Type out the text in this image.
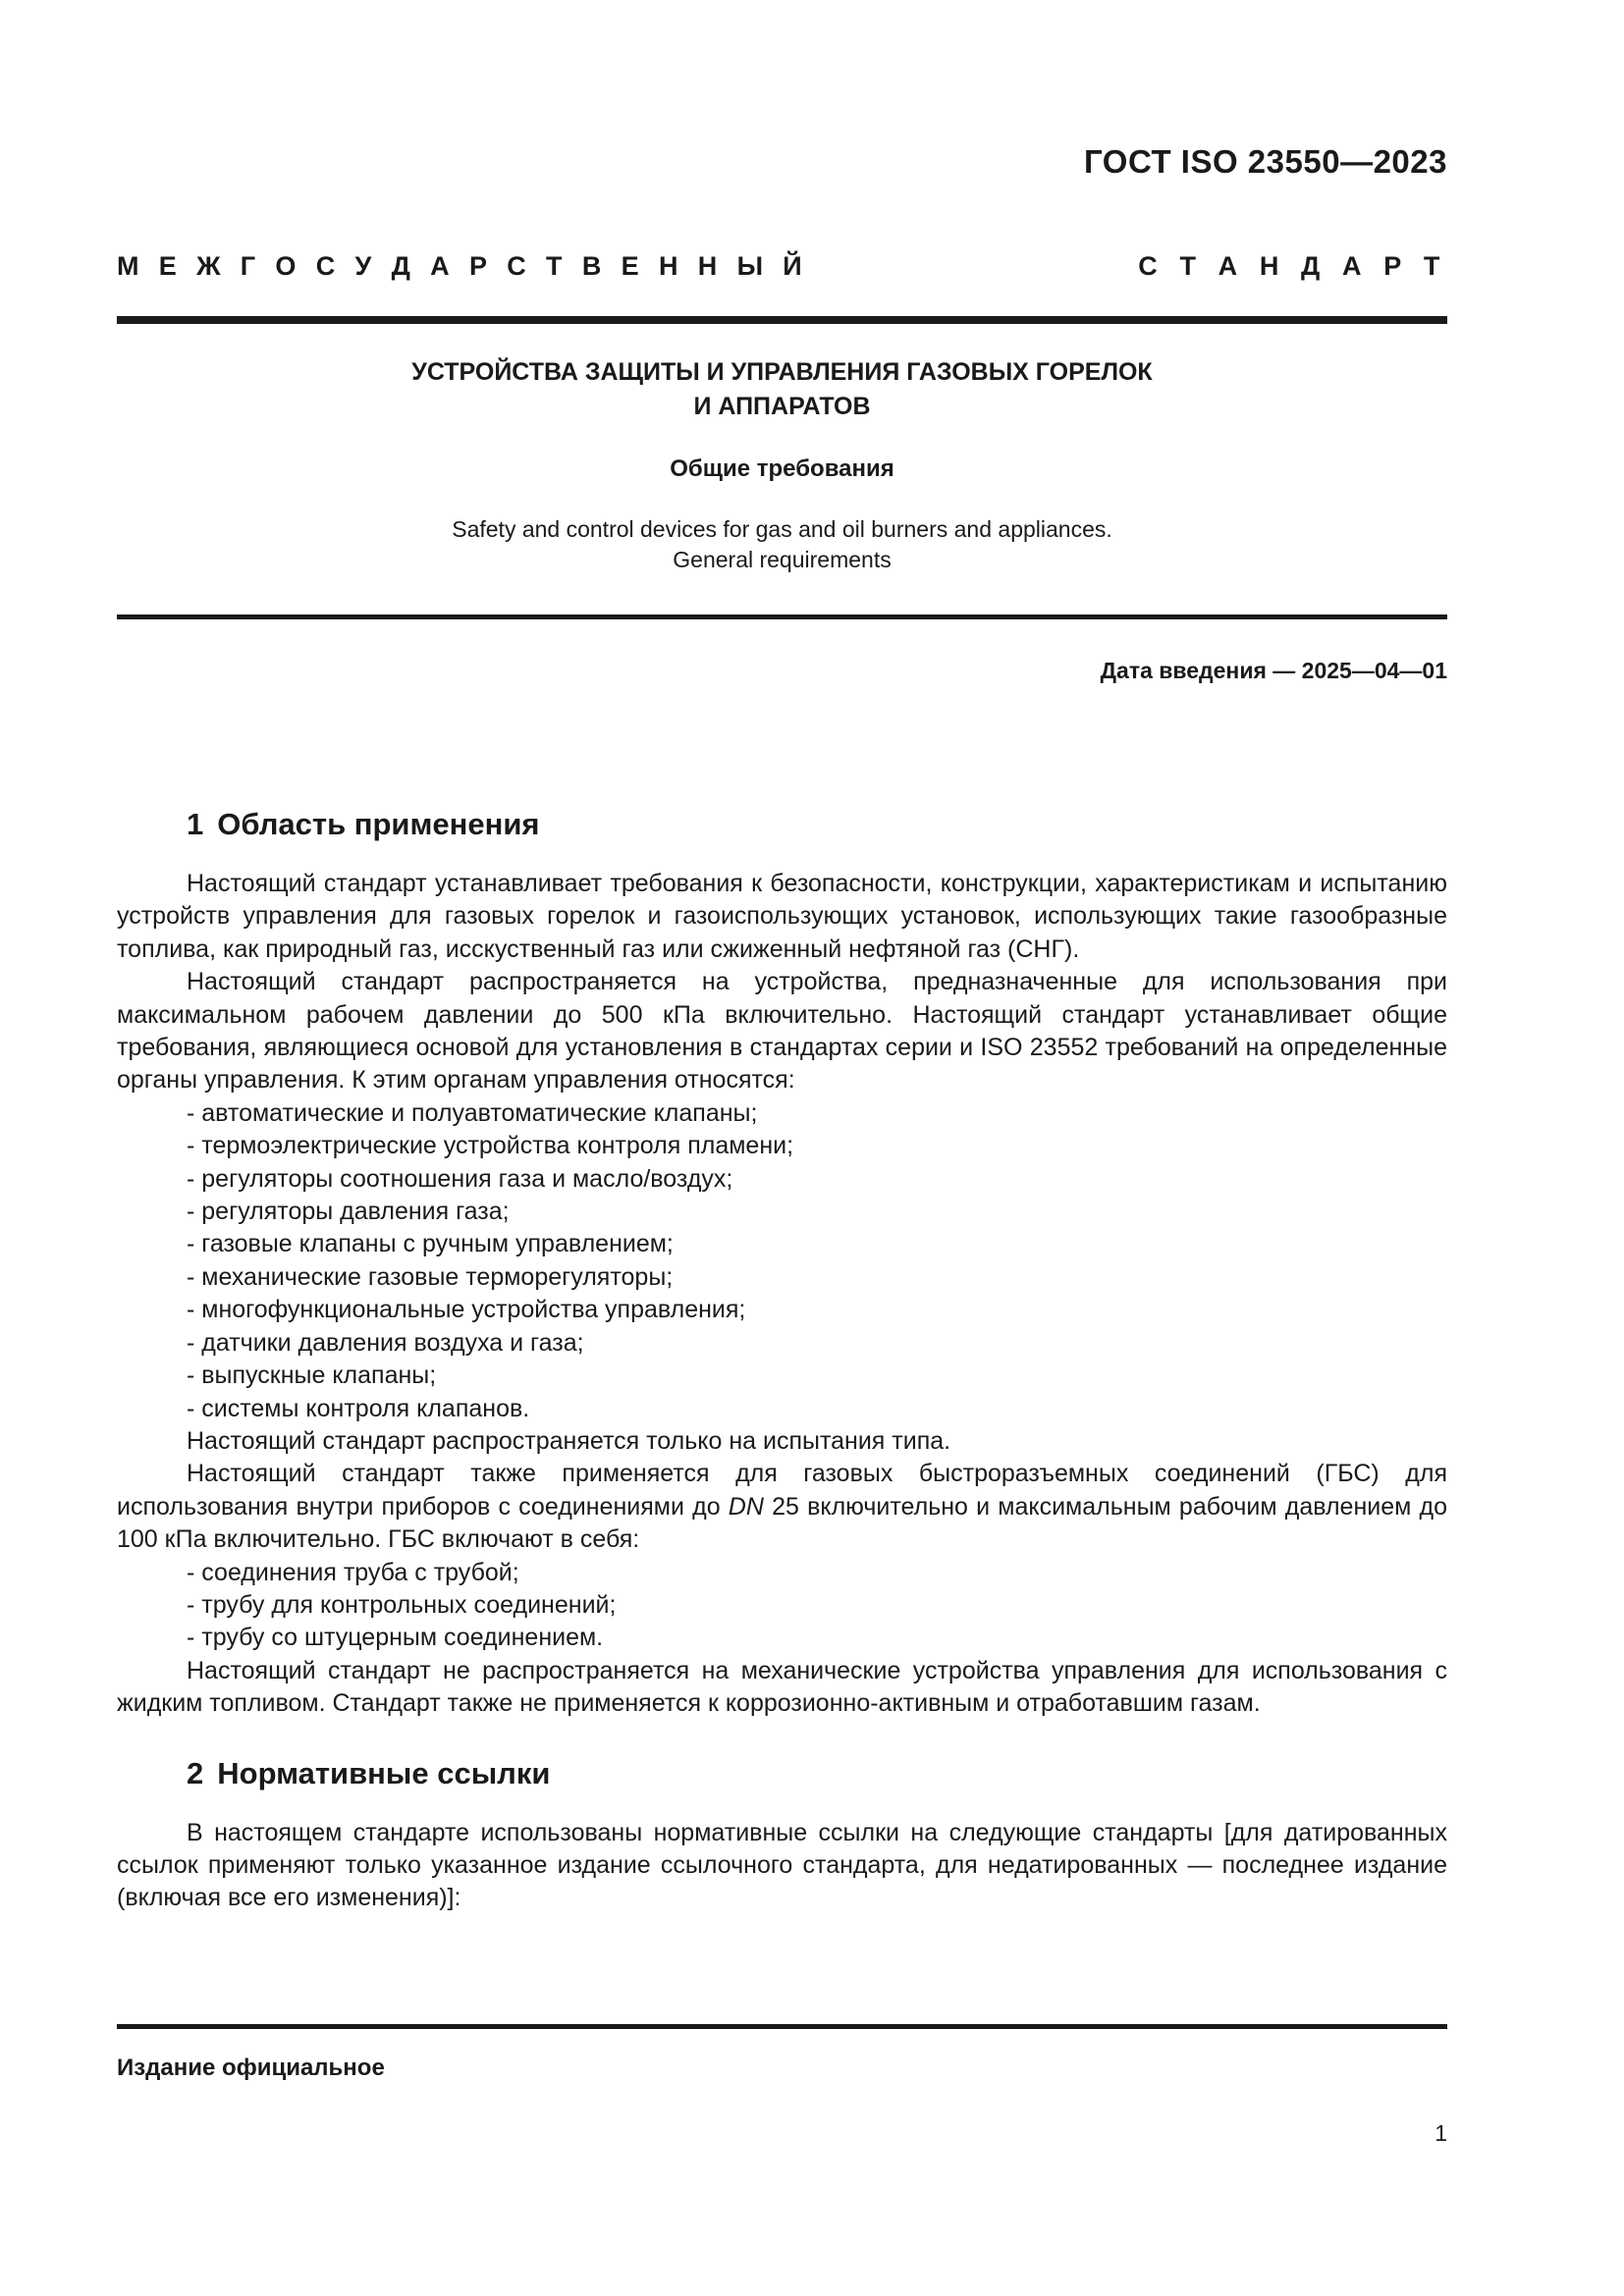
ГОСТ ISO 23550—2023
М Е Ж Г О С У Д А Р С Т В Е Н Н Ы Й	С Т А Н Д А Р Т
УСТРОЙСТВА ЗАЩИТЫ И УПРАВЛЕНИЯ ГАЗОВЫХ ГОРЕЛОК
И АППАРАТОВ
Общие требования
Safety and control devices for gas and oil burners and appliances.
General requirements
Дата введения — 2025—04—01
1 Область применения

Настоящий стандарт устанавливает требования к безопасности, конструкции, характеристикам и испытанию устройств управления для газовых горелок и газоиспользующих установок, использующих такие газообразные топлива, как природный газ, исскуственный газ или сжиженный нефтяной газ (СНГ).

Настоящий стандарт распространяется на устройства, предназначенные для использования при максимальном рабочем давлении до 500 кПа включительно. Настоящий стандарт устанавливает общие требования, являющиеся основой для установления в стандартах серии и ISO 23552 требований на определенные органы управления. К этим органам управления относятся:

- автоматические и полуавтоматические клапаны;
- термоэлектрические устройства контроля пламени;
- регуляторы соотношения газа и масло/воздух;
- регуляторы давления газа;
- газовые клапаны с ручным управлением;
- механические газовые терморегуляторы;
- многофункциональные устройства управления;
- датчики давления воздуха и газа;
- выпускные клапаны;
- системы контроля клапанов.

Настоящий стандарт распространяется только на испытания типа.

Настоящий стандарт также применяется для газовых быстроразъемных соединений (ГБС) для использования внутри приборов с соединениями до DN 25 включительно и максимальным рабочим давлением до 100 кПа включительно. ГБС включают в себя:

- соединения труба с трубой;
- трубу для контрольных соединений;
- трубу со штуцерным соединением.

Настоящий стандарт не распространяется на механические устройства управления для использования с жидким топливом. Стандарт также не применяется к коррозионно-активным и отработавшим газам.

2 Нормативные ссылки

В настоящем стандарте использованы нормативные ссылки на следующие стандарты [для датированных ссылок применяют только указанное издание ссылочного стандарта, для недатированных — последнее издание (включая все его изменения)]:

Издание официальное
1
